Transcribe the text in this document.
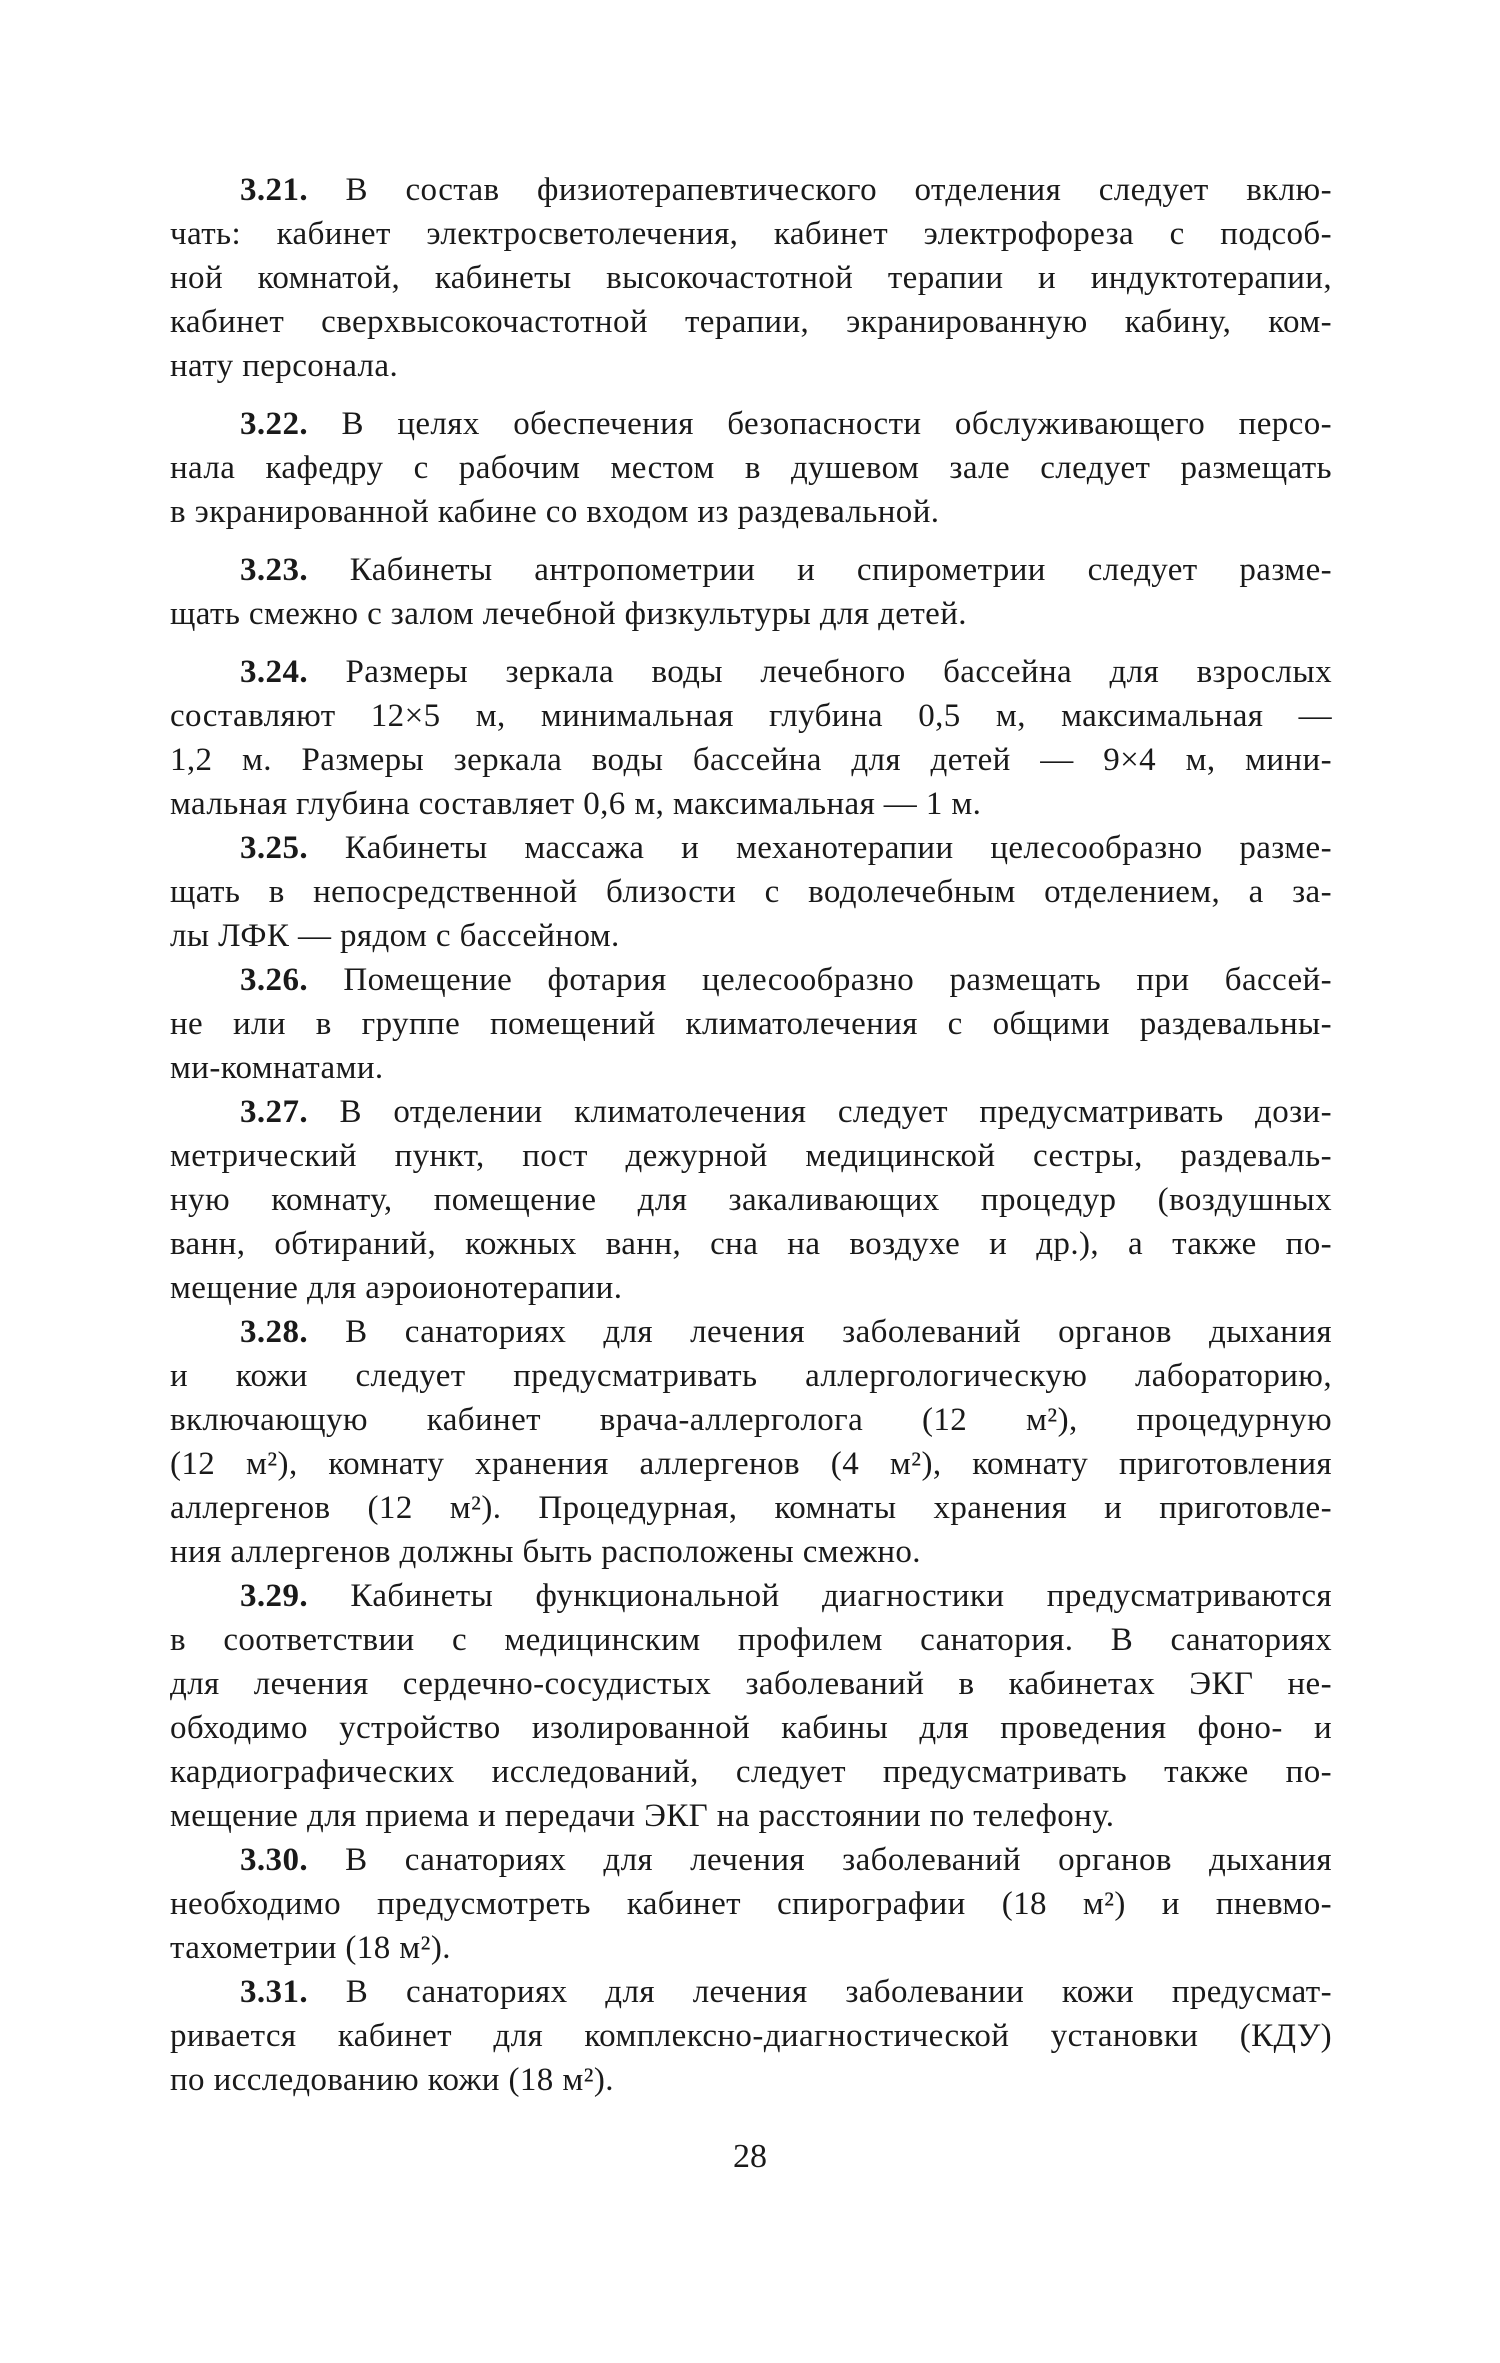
3.21. В состав физиотерапевтического отделения следует вклю-
чать: кабинет электросветолечения, кабинет электрофореза с подсоб-
ной комнатой, кабинеты высокочастотной терапии и индуктотерапии,
кабинет сверхвысокочастотной терапии, экранированную кабину, ком-
нату персонала.
3.22. В целях обеспечения безопасности обслуживающего персо-
нала кафедру с рабочим местом в душевом зале следует размещать
в экранированной кабине со входом из раздевальной.
3.23. Кабинеты антропометрии и спирометрии следует разме-
щать смежно с залом лечебной физкультуры для детей.
3.24. Размеры зеркала воды лечебного бассейна для взрослых
составляют 12×5 м, минимальная глубина 0,5 м, максимальная —
1,2 м. Размеры зеркала воды бассейна для детей — 9×4 м, мини-
мальная глубина составляет 0,6 м, максимальная — 1 м.
3.25. Кабинеты массажа и механотерапии целесообразно разме-
щать в непосредственной близости с водолечебным отделением, а за-
лы ЛФК — рядом с бассейном.
3.26. Помещение фотария целесообразно размещать при бассей-
не или в группе помещений климатолечения с общими раздевальны-
ми-комнатами.
3.27. В отделении климатолечения следует предусматривать дози-
метрический пункт, пост дежурной медицинской сестры, раздеваль-
ную комнату, помещение для закаливающих процедур (воздушных
ванн, обтираний, кожных ванн, сна на воздухе и др.), а также по-
мещение для аэроионотерапии.
3.28. В санаториях для лечения заболеваний органов дыхания
и кожи следует предусматривать аллергологическую лабораторию,
включающую кабинет врача-аллерголога (12 м²), процедурную
(12 м²), комнату хранения аллергенов (4 м²), комнату приготовления
аллергенов (12 м²). Процедурная, комнаты хранения и приготовле-
ния аллергенов должны быть расположены смежно.
3.29. Кабинеты функциональной диагностики предусматриваются
в соответствии с медицинским профилем санатория. В санаториях
для лечения сердечно-сосудистых заболеваний в кабинетах ЭКГ не-
обходимо устройство изолированной кабины для проведения фоно- и
кардиографических исследований, следует предусматривать также по-
мещение для приема и передачи ЭКГ на расстоянии по телефону.
3.30. В санаториях для лечения заболеваний органов дыхания
необходимо предусмотреть кабинет спирографии (18 м²) и пневмо-
тахометрии (18 м²).
3.31. В санаториях для лечения заболевании кожи предусмат-
ривается кабинет для комплексно-диагностической установки (КДУ)
по исследованию кожи (18 м²).
28
